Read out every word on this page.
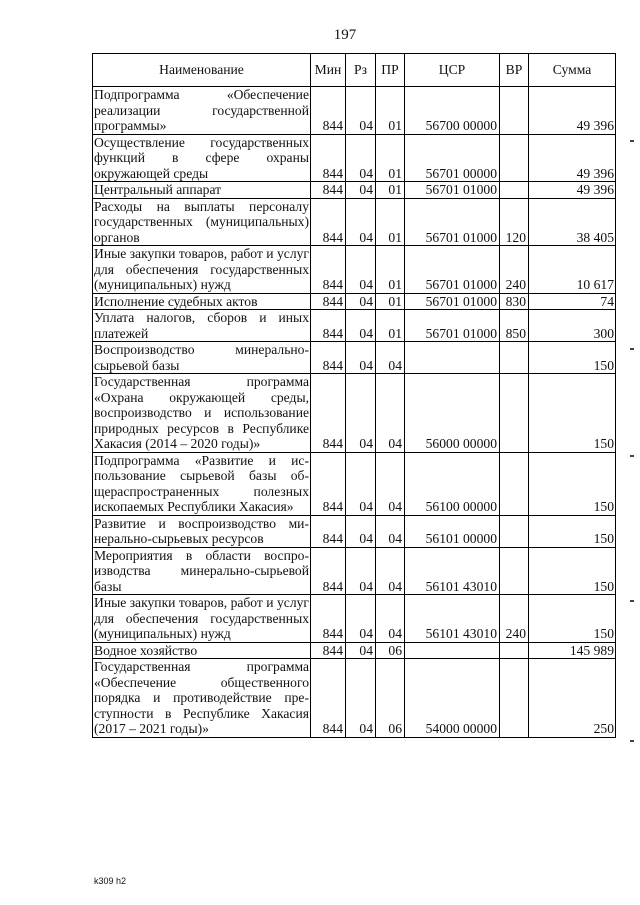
197
Наименование	Мин	Рз	ПР	ЦСР	ВР	Сумма
Подпрограмма «Обеспечение реализации государственной программы»	844	04	01	56700 00000		49 396
Осуществление государственных функций в сфере охраны окружающей среды	844	04	01	56701 00000		49 396
Центральный аппарат	844	04	01	56701 01000		49 396
Расходы на выплаты персоналу государственных (муниципальных) органов	844	04	01	56701 01000	120	38 405
Иные закупки товаров, работ и услуг для обеспечения государственных (муниципальных) нужд	844	04	01	56701 01000	240	10 617
Исполнение судебных актов	844	04	01	56701 01000	830	74
Уплата налогов, сборов и иных платежей	844	04	01	56701 01000	850	300
Воспроизводство минерально-сырьевой базы	844	04	04			150
Государственная программа «Охрана окружающей среды, воспроизводство и использование природных ресурсов в Республике Хакасия (2014 – 2020 годы)»	844	04	04	56000 00000		150
Подпрограмма «Развитие и использование сырьевой базы общераспространенных полезных ископаемых Республики Хакасия»	844	04	04	56100 00000		150
Развитие и воспроизводство минерально-сырьевых ресурсов	844	04	04	56101 00000		150
Мероприятия в области воспроизводства минерально-сырьевой базы	844	04	04	56101 43010		150
Иные закупки товаров, работ и услуг для обеспечения государственных (муниципальных) нужд	844	04	04	56101 43010	240	150
Водное хозяйство	844	04	06			145 989
Государственная программа «Обеспечение общественного порядка и противодействие преступности в Республике Хакасия (2017 – 2021 годы)»	844	04	06	54000 00000		250
k309 h2
